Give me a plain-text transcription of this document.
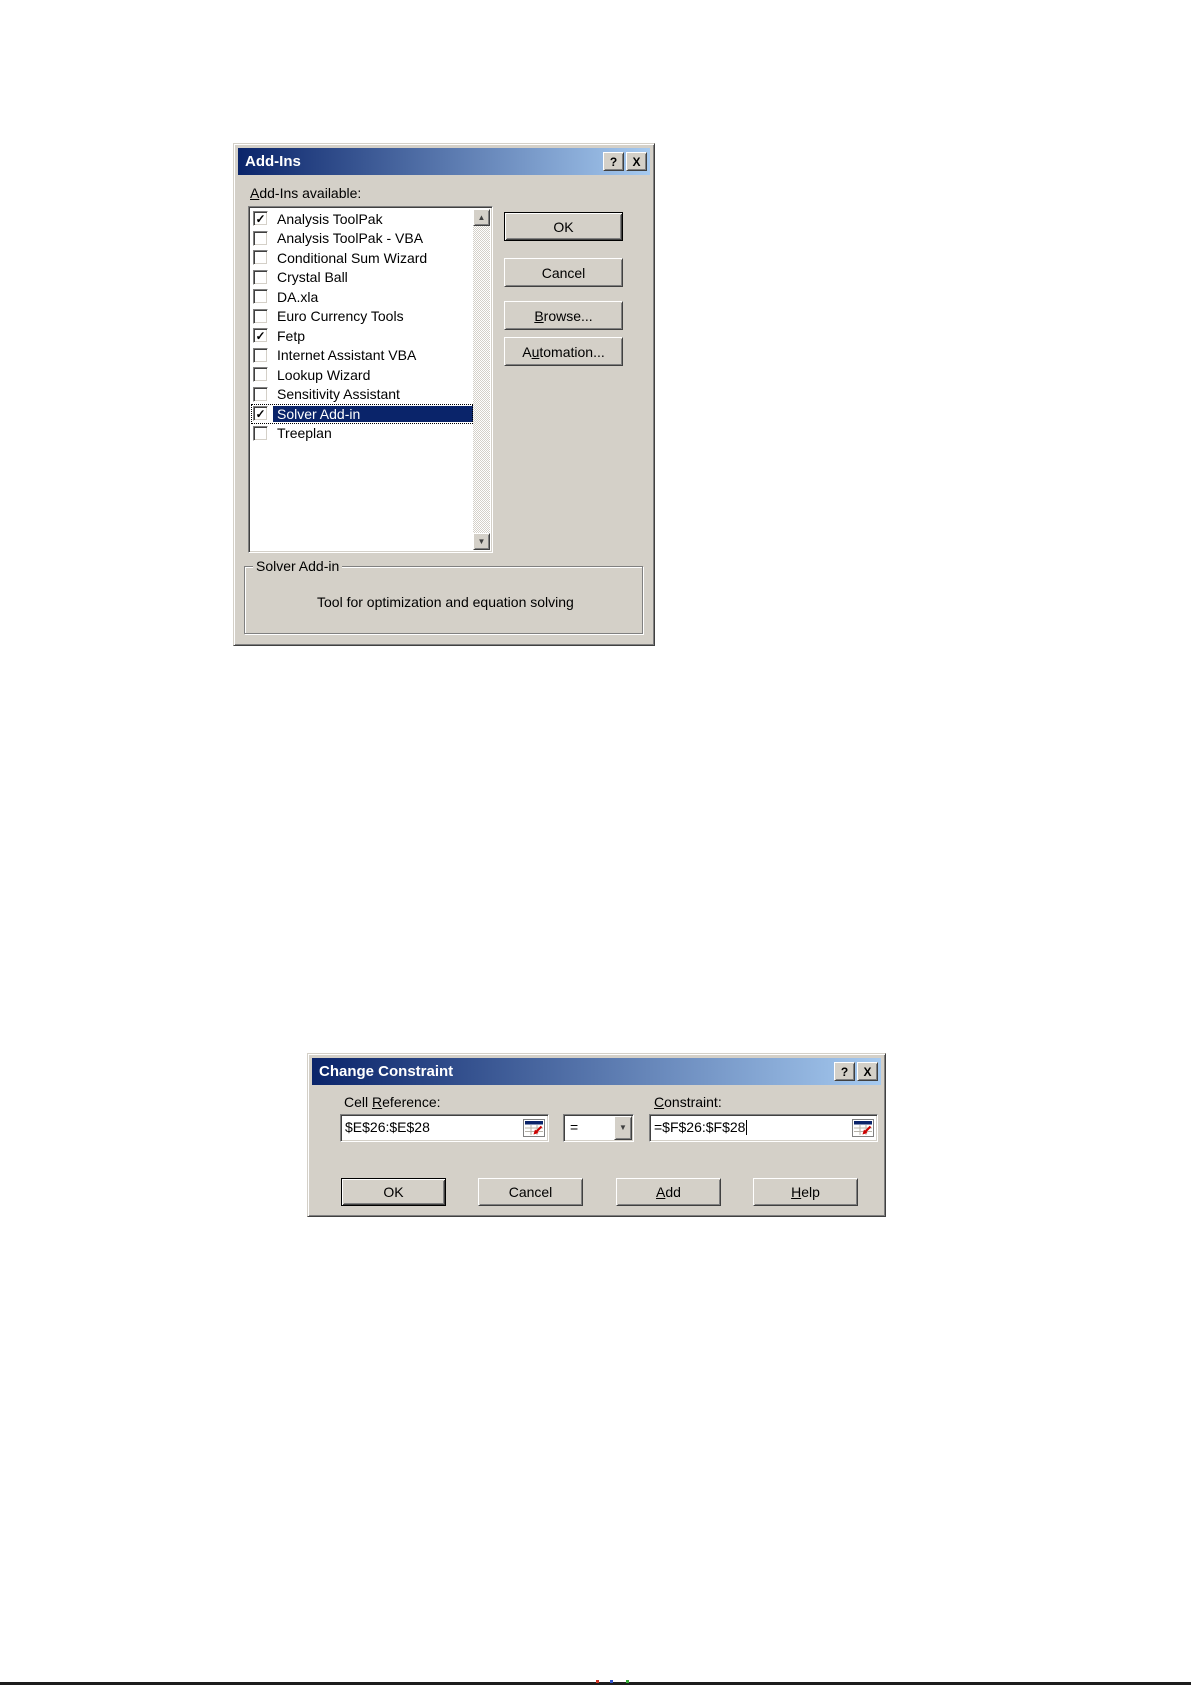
Add-Ins	?	X
Add-Ins available:
✓ Analysis ToolPak
Analysis ToolPak - VBA
Conditional Sum Wizard
Crystal Ball
DA.xla
Euro Currency Tools
✓ Fetp
Internet Assistant VBA
Lookup Wizard
Sensitivity Assistant
✓ Solver Add-in
Treeplan
▲
▼
OK
Cancel
Browse...
Automation...
Solver Add-in
Tool for optimization and equation solving
Change Constraint	?	X
Cell Reference:	Constraint:
$E$26:$E$28	=	▼ =$F$26:$F$28
OK	Cancel	Add	Help
